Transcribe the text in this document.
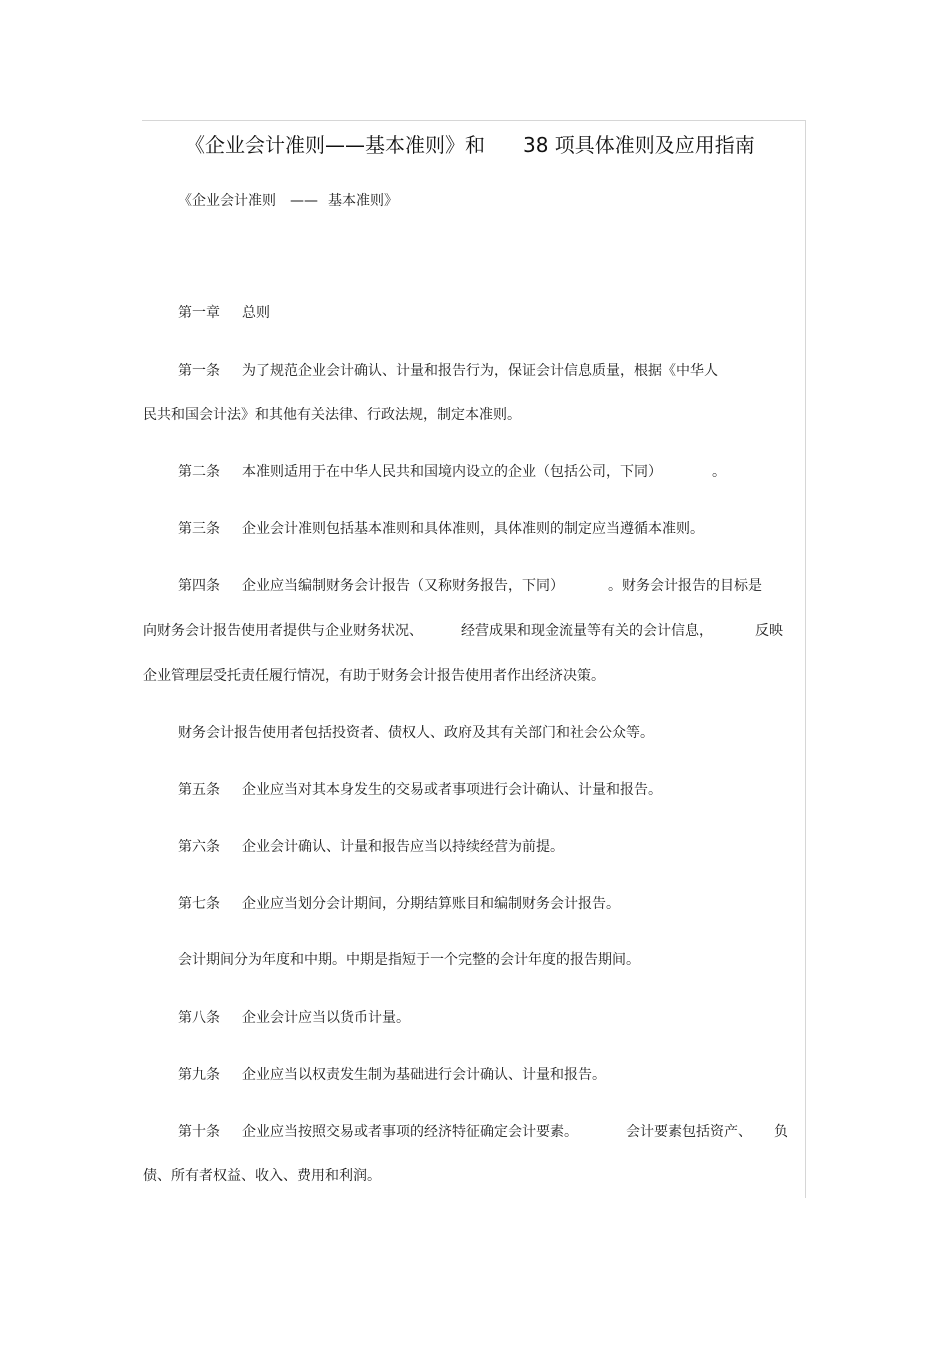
《企业会计准则——基本准则》和 38 项具体准则及应用指南
《企业会计准则 —— 基本准则》
第一章 总则
第一条 为了规范企业会计确认、计量和报告行为，保证会计信息质量，根据《中华人
民共和国会计法》和其他有关法律、行政法规，制定本准则。
第二条 本准则适用于在中华人民共和国境内设立的企业（包括公司，下同）	。
第三条 企业会计准则包括基本准则和具体准则，具体准则的制定应当遵循本准则。
第四条 企业应当编制财务会计报告（又称财务报告，下同）	。财务会计报告的目标是
向财务会计报告使用者提供与企业财务状况、	经营成果和现金流量等有关的会计信息，	反映
企业管理层受托责任履行情况，有助于财务会计报告使用者作出经济决策。
财务会计报告使用者包括投资者、债权人、政府及其有关部门和社会公众等。
第五条 企业应当对其本身发生的交易或者事项进行会计确认、计量和报告。
第六条 企业会计确认、计量和报告应当以持续经营为前提。
第七条 企业应当划分会计期间，分期结算账目和编制财务会计报告。
会计期间分为年度和中期。中期是指短于一个完整的会计年度的报告期间。
第八条 企业会计应当以货币计量。
第九条 企业应当以权责发生制为基础进行会计确认、计量和报告。
第十条 企业应当按照交易或者事项的经济特征确定会计要素。	会计要素包括资产、 负
债、所有者权益、收入、费用和利润。
